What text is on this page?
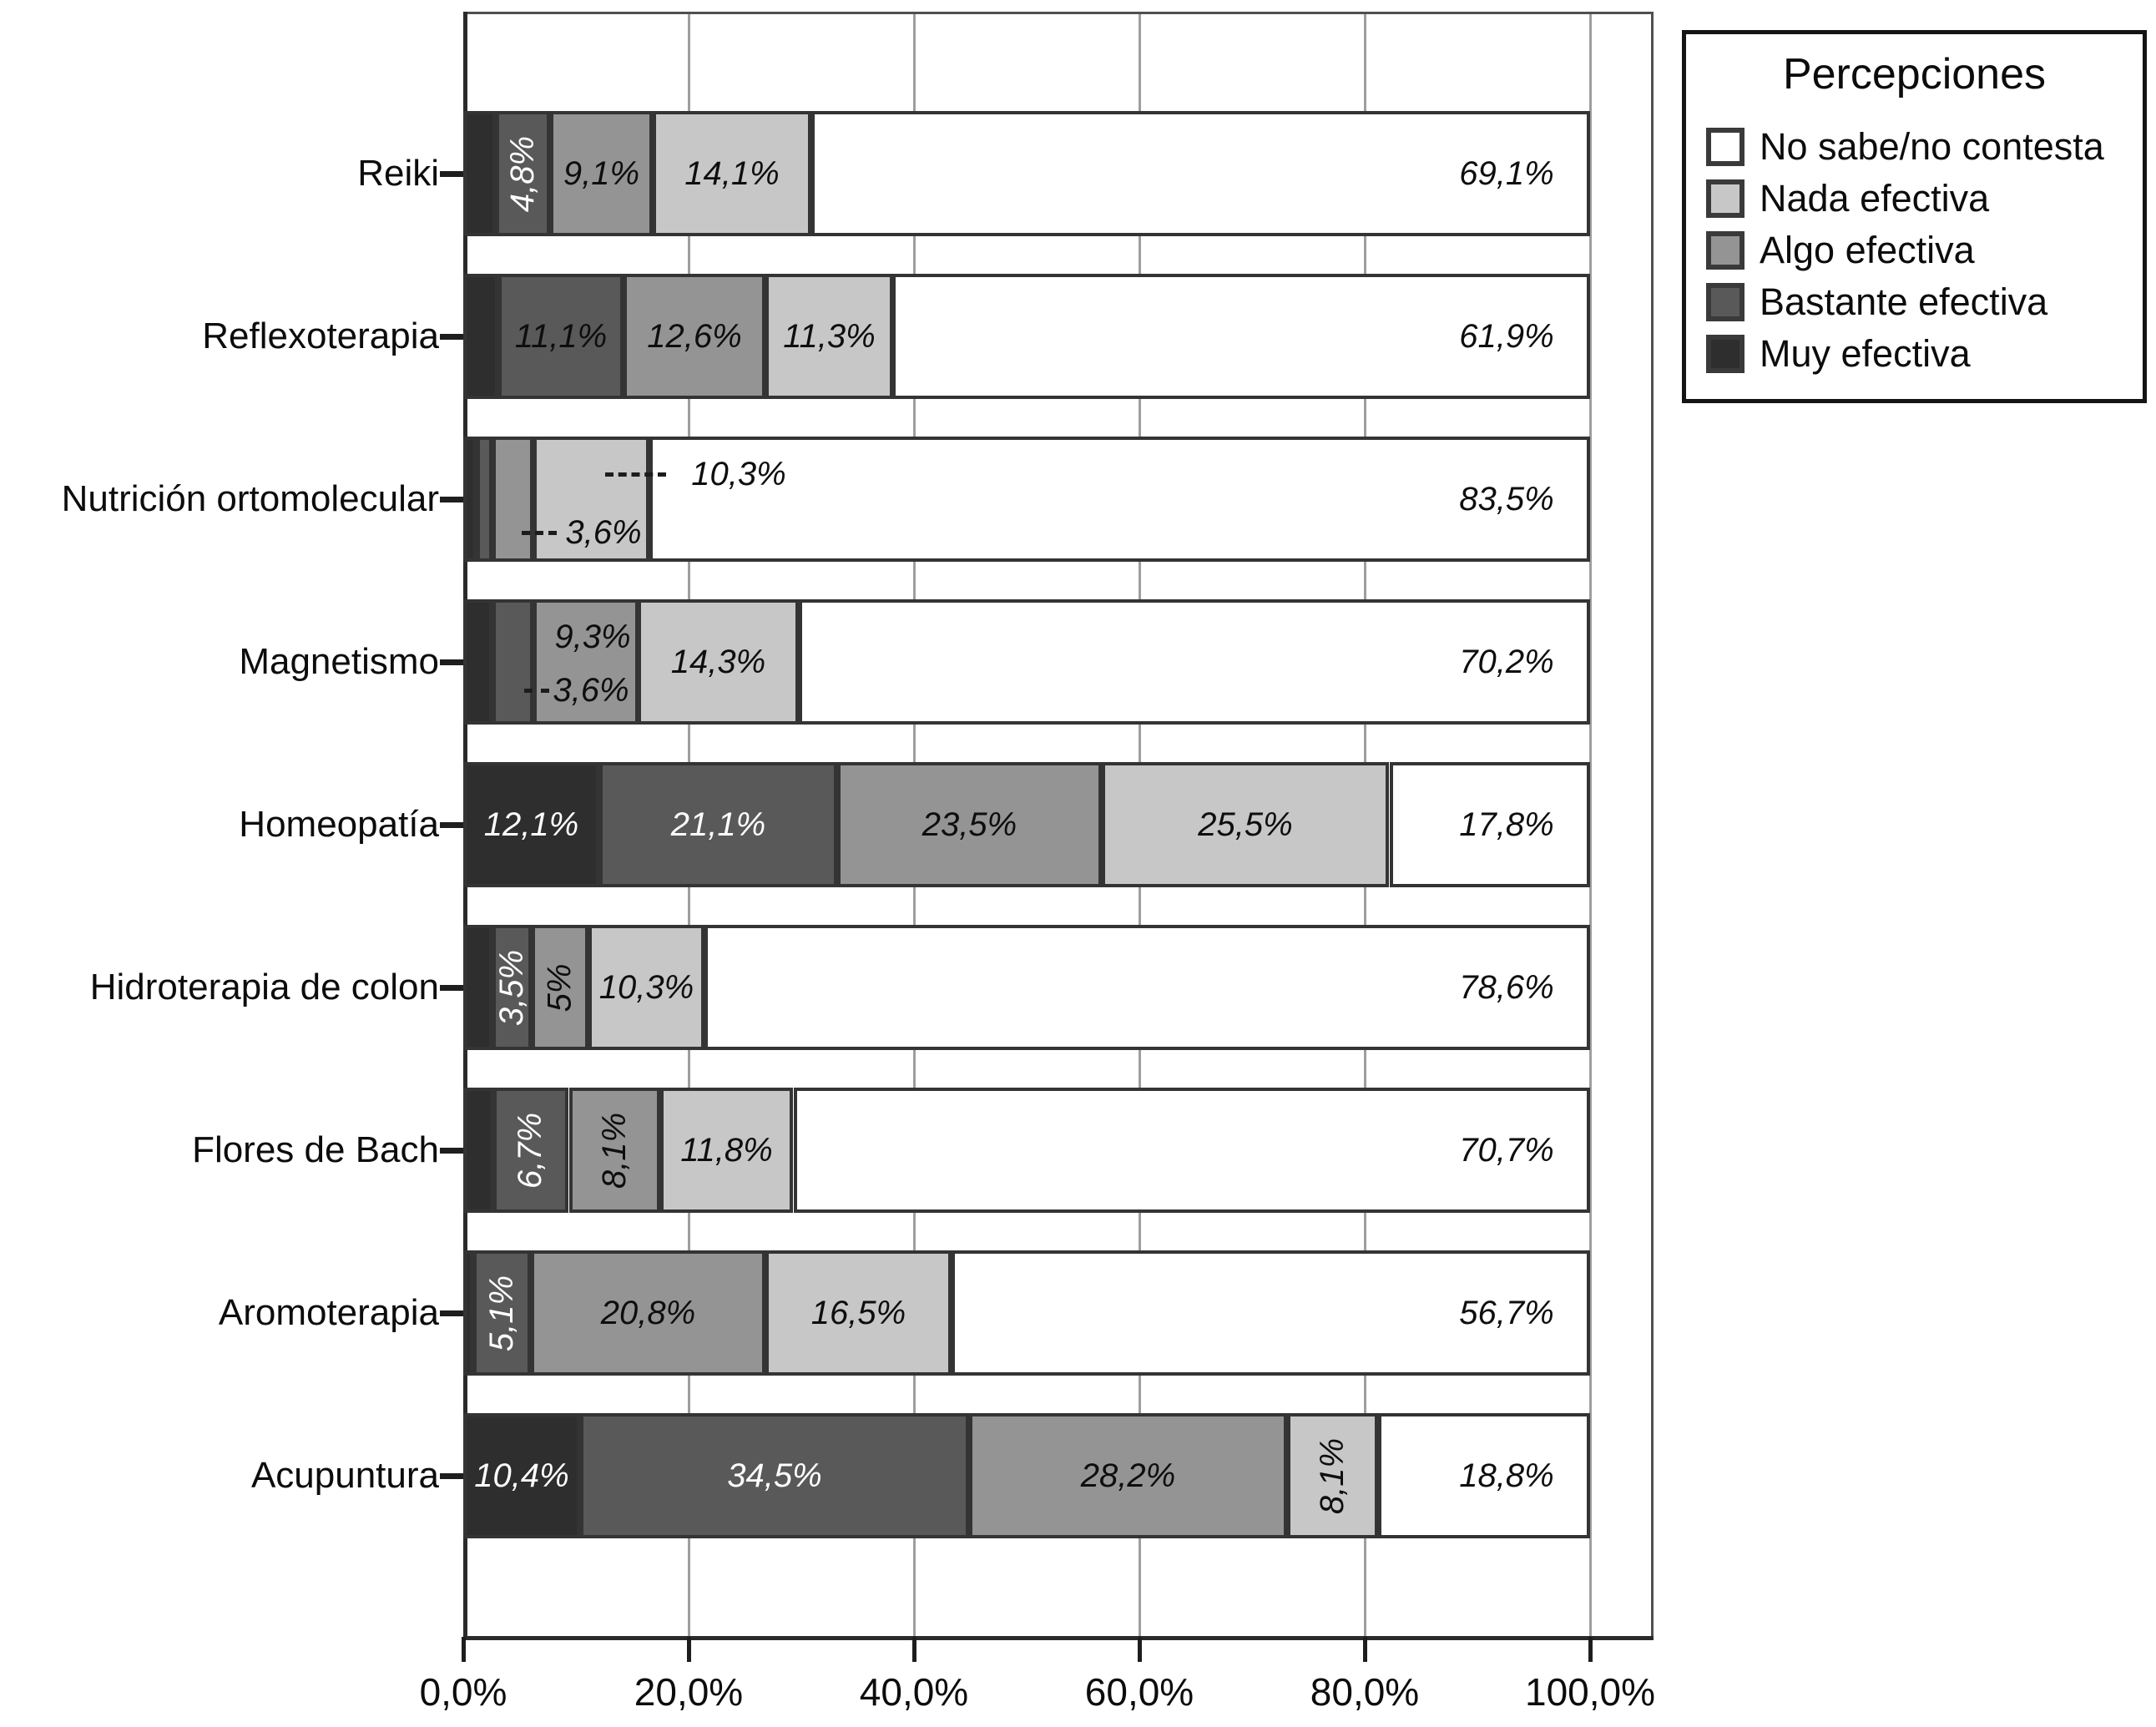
4,8% 9,1% 14,1%	69,1%
11,1% 12,6% 11,3%	61,9%
3,6%
10,3%
83,5%
3,6%
9,3%
14,3%	70,2%
12,1%	21,1%	23,5%	25,5%	17,8%
3,5% 5% 10,3%	78,6%
6,7% 8,1% 11,8%	70,7%
5,1% 20,8%	16,5%	56,7%
10,4%	34,5%	28,2%	8,1%	18,8%
Reiki
Reflexoterapia
Nutrición ortomolecular
Magnetismo
Homeopatía
Hidroterapia de colon
Flores de Bach
Aromoterapia
Acupuntura
0,0%	20,0%	40,0%	60,0%	80,0%	100,0%
Percepciones
No sabe/no contesta
Nada efectiva
Algo efectiva
Bastante efectiva
Muy efectiva
